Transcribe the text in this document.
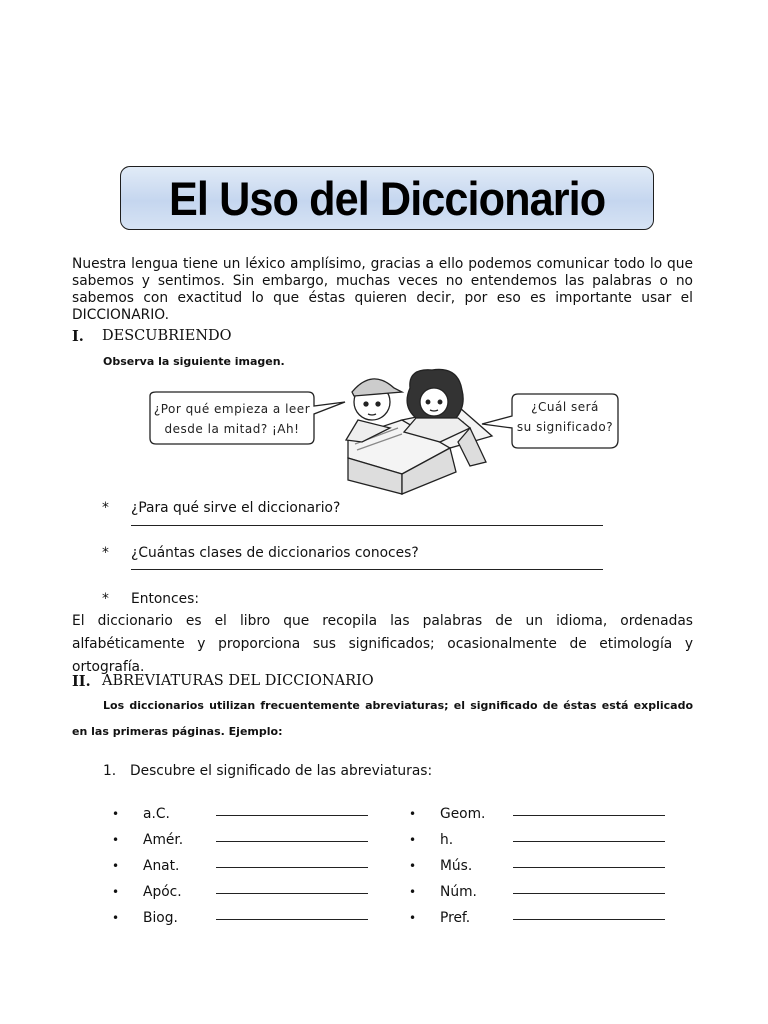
El Uso del Diccionario

Nuestra lengua tiene un léxico amplísimo, gracias a ello podemos comunicar todo lo que sabemos y sentimos. Sin embargo, muchas veces no entendemos las palabras o no sabemos con exactitud lo que éstas quieren decir, por eso es importante usar el DICCIONARIO.

I.	DESCUBRIENDO
Observa la siguiente imagen.
¿Por qué empieza a leer
desde la mitad? ¡Ah!
¿Cuál será
su significado?
*	¿Para qué sirve el diccionario?
*	¿Cuántas clases de diccionarios conoces?
*	Entonces:

El diccionario es el libro que recopila las palabras de un idioma, ordenadas alfabéticamente y proporciona sus significados; ocasionalmente de etimología y ortografía.

II. ABREVIATURAS DEL DICCIONARIO

Los diccionarios utilizan frecuentemente abreviaturas; el significado de éstas está explicado en las primeras páginas. Ejemplo:

1.	Descubre el significado de las abreviaturas:
•	a.C.
•	Amér.
•	Anat.
•	Apóc.
•	Biog.
•	Geom.
•	h.
•	Mús.
•	Núm.
•	Pref.
